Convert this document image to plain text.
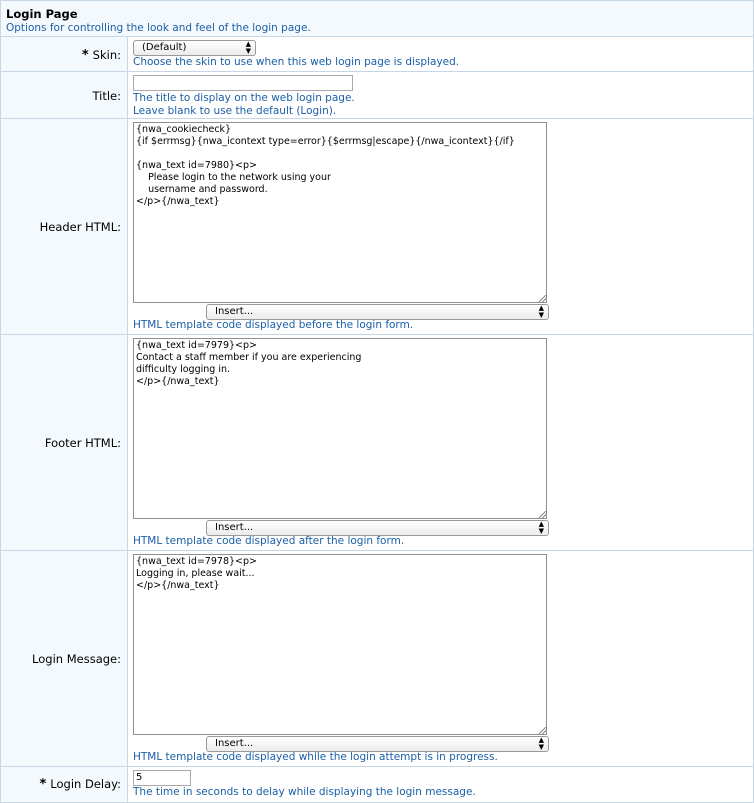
Login Page
Options for controlling the look and feel of the login page.
* Skin:
(Default)	▲
▼
Choose the skin to use when this web login page is displayed.
Title: The title to display on the web login page.
Leave blank to use the default (Login).
Header HTML:
{nwa_cookiecheck}
{if $errmsg}{nwa_icontext type=error}{$errmsg|escape}{/nwa_icontext}{/if}

{nwa_text id=7980}<p>
Please login to the network using your
username and password.
</p>{/nwa_text}
Insert...	▲
▼
HTML template code displayed before the login form.
Footer HTML:
{nwa_text id=7979}<p>
Contact a staff member if you are experiencing
difficulty logging in.
</p>{/nwa_text}
Insert...	▲
▼
HTML template code displayed after the login form.
Login Message:
{nwa_text id=7978}<p>
Logging in, please wait...
</p>{/nwa_text}
Insert...	▲
▼
HTML template code displayed while the login attempt is in progress.
* Login Delay:	5
The time in seconds to delay while displaying the login message.
